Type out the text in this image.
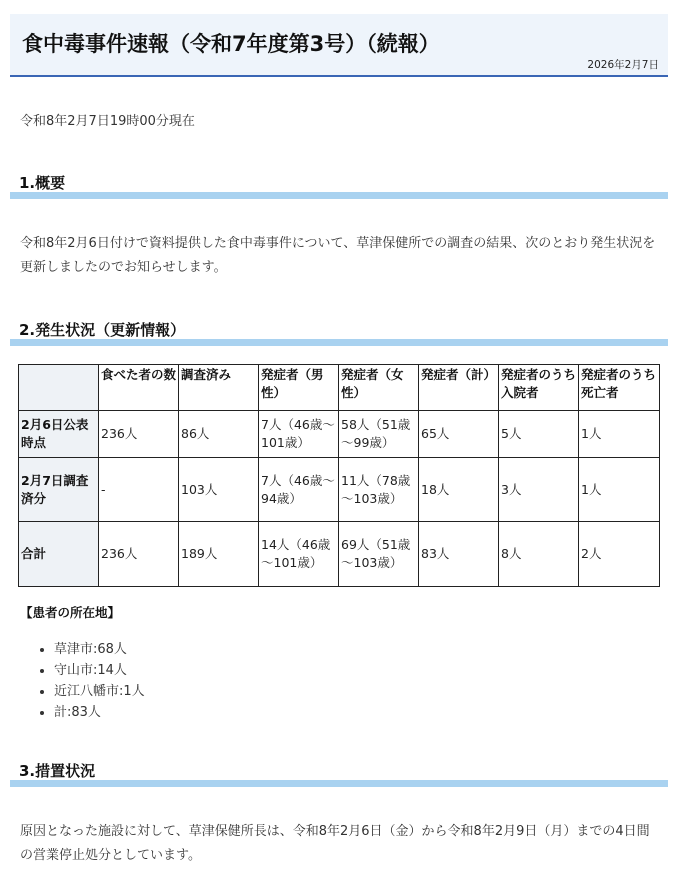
食中毒事件速報（令和7年度第3号）（続報）
2026年2月7日

令和8年2月7日19時00分現在

1.概要

令和8年2月6日付けで資料提供した食中毒事件について、草津保健所での調査の結果、次のとおり発生状況を更新しましたのでお知らせします。

2.発生状況（更新情報）
	食べた者の数	調査済み	発症者（男性）	発症者（女性）	発症者（計）	発症者のうち入院者	発症者のうち死亡者
2月6日公表時点	236人	86人	7人（46歳～101歳）	58人（51歳～99歳）	65人	5人	1人
2月7日調査済分	-	103人	7人（46歳～94歳）	11人（78歳～103歳）	18人	3人	1人
合計	236人	189人	14人（46歳～101歳）	69人（51歳～103歳）	83人	8人	2人
【患者の所在地】
• 草津市:68人
• 守山市:14人
• 近江八幡市:1人
• 計:83人
3.措置状況

原因となった施設に対して、草津保健所長は、令和8年2月6日（金）から令和8年2月9日（月）までの4日間の営業停止処分としています。
